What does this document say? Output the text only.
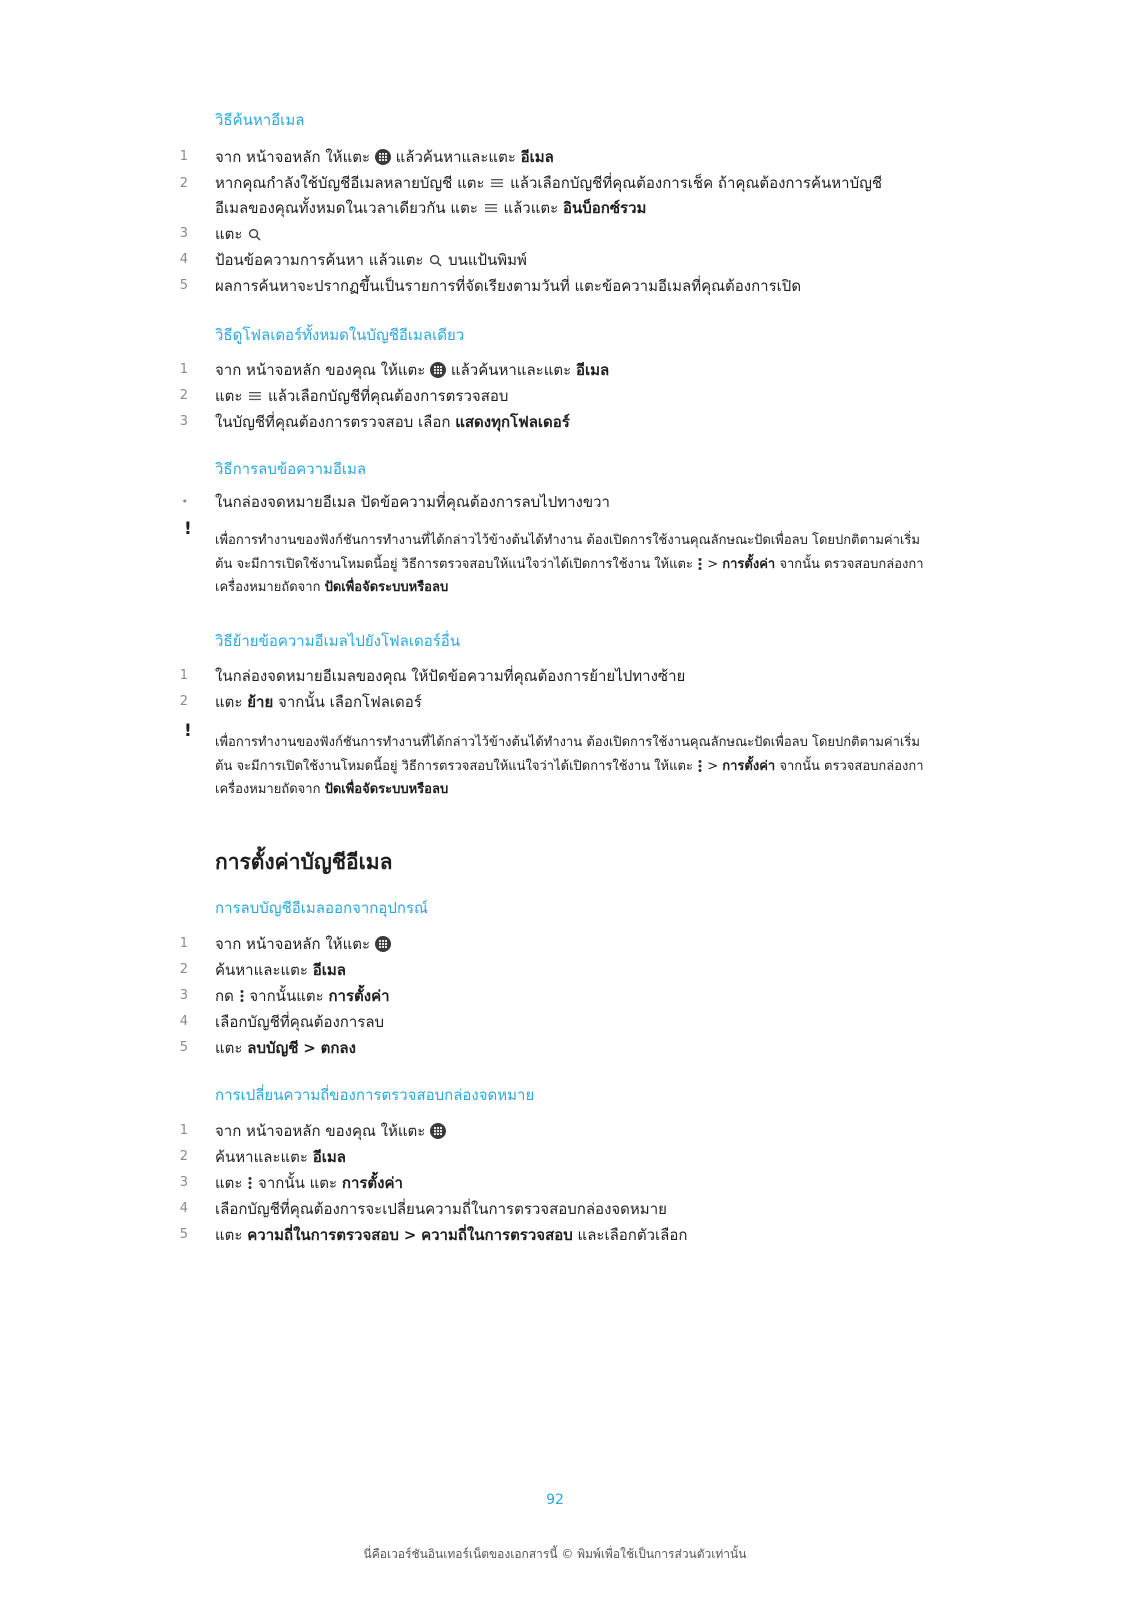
วิธีค้นหาอีเมล
1 จาก หน้าจอหลัก ให้แตะ แล้วค้นหาและแตะ อีเมล
2 หากคุณกำลังใช้บัญชีอีเมลหลายบัญชี แตะ แล้วเลือกบัญชีที่คุณต้องการเช็ค ถ้าคุณต้องการค้นหาบัญชี
อีเมลของคุณทั้งหมดในเวลาเดียวกัน แตะ แล้วแตะ อินบ็อกซ์รวม
3 แตะ
4 ป้อนข้อความการค้นหา แล้วแตะ บนแป้นพิมพ์
5 ผลการค้นหาจะปรากฏขึ้นเป็นรายการที่จัดเรียงตามวันที่ แตะข้อความอีเมลที่คุณต้องการเปิด
วิธีดูโฟลเดอร์ทั้งหมดในบัญชีอีเมลเดียว
1 จาก หน้าจอหลัก ของคุณ ให้แตะ แล้วค้นหาและแตะ อีเมล
2 แตะ แล้วเลือกบัญชีที่คุณต้องการตรวจสอบ
3 ในบัญชีที่คุณต้องการตรวจสอบ เลือก แสดงทุกโฟลเดอร์
วิธีการลบข้อความอีเมล
• ในกล่องจดหมายอีเมล ปัดข้อความที่คุณต้องการลบไปทางขวา
!
เพื่อการทำงานของฟังก์ชันการทำงานที่ได้กล่าวไว้ข้างต้นได้ทำงาน ต้องเปิดการใช้งานคุณลักษณะปัดเพื่อลบ โดยปกติตามค่าเริ่ม
ต้น จะมีการเปิดใช้งานโหมดนี้อยู่ วิธีการตรวจสอบให้แน่ใจว่าได้เปิดการใช้งาน ให้แตะ > การตั้งค่า จากนั้น ตรวจสอบกล่องกา
เครื่องหมายถัดจาก ปัดเพื่อจัดระบบหรือลบ
วิธีย้ายข้อความอีเมลไปยังโฟลเดอร์อื่น
1 ในกล่องจดหมายอีเมลของคุณ ให้ปัดข้อความที่คุณต้องการย้ายไปทางซ้าย
2 แตะ ย้าย จากนั้น เลือกโฟลเดอร์
!
เพื่อการทำงานของฟังก์ชันการทำงานที่ได้กล่าวไว้ข้างต้นได้ทำงาน ต้องเปิดการใช้งานคุณลักษณะปัดเพื่อลบ โดยปกติตามค่าเริ่ม
ต้น จะมีการเปิดใช้งานโหมดนี้อยู่ วิธีการตรวจสอบให้แน่ใจว่าได้เปิดการใช้งาน ให้แตะ > การตั้งค่า จากนั้น ตรวจสอบกล่องกา
เครื่องหมายถัดจาก ปัดเพื่อจัดระบบหรือลบ
การตั้งค่าบัญชีอีเมล
การลบบัญชีอีเมลออกจากอุปกรณ์
1 จาก หน้าจอหลัก ให้แตะ
2 ค้นหาและแตะ อีเมล
3 กด จากนั้นแตะ การตั้งค่า
4 เลือกบัญชีที่คุณต้องการลบ
5 แตะ ลบบัญชี > ตกลง
การเปลี่ยนความถี่ของการตรวจสอบกล่องจดหมาย
1 จาก หน้าจอหลัก ของคุณ ให้แตะ
2 ค้นหาและแตะ อีเมล
3 แตะ จากนั้น แตะ การตั้งค่า
4 เลือกบัญชีที่คุณต้องการจะเปลี่ยนความถี่ในการตรวจสอบกล่องจดหมาย
5 แตะ ความถี่ในการตรวจสอบ > ความถี่ในการตรวจสอบ และเลือกตัวเลือก
92
นี่คือเวอร์ชันอินเทอร์เน็ตของเอกสารนี้ © พิมพ์เพื่อใช้เป็นการส่วนตัวเท่านั้น
